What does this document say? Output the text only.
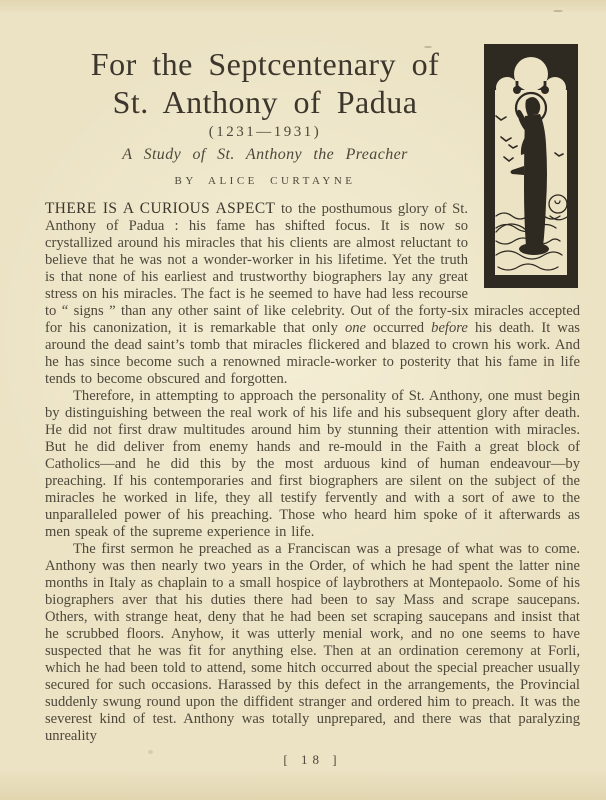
For the Septcentenary of
St. Anthony of Padua
(1231—1931)
A Study of St. Anthony the Preacher
BY ALICE CURTAYNE

THERE IS A CURIOUS ASPECT to the posthumous glory of St. Anthony of Padua : his fame has shifted focus. It is now so crystallized around his miracles that his clients are almost reluctant to believe that he was not a wonder-worker in his lifetime. Yet the truth is that none of his earliest and trustworthy biographers lay any great stress on his miracles. The fact is he seemed to have had less recourse to “ signs ” than any other saint of like celebrity. Out of the forty-six miracles accepted for his canonization, it is remarkable that only one occurred before his death. It was around the dead saint’s tomb that miracles flickered and blazed to crown his work. And he has since become such a renowned miracle-worker to posterity that his fame in life tends to become obscured and forgotten.

Therefore, in attempting to approach the personality of St. Anthony, one must begin by distinguishing between the real work of his life and his subsequent glory after death. He did not first draw multitudes around him by stunning their attention with miracles. But he did deliver from enemy hands and re-mould in the Faith a great block of Catholics—and he did this by the most arduous kind of human endeavour—by preaching. If his contemporaries and first biographers are silent on the subject of the miracles he worked in life, they all testify fervently and with a sort of awe to the unparalleled power of his preaching. Those who heard him spoke of it afterwards as men speak of the supreme experience in life.

The first sermon he preached as a Franciscan was a presage of what was to come. Anthony was then nearly two years in the Order, of which he had spent the latter nine months in Italy as chaplain to a small hospice of laybrothers at Montepaolo. Some of his biographers aver that his duties there had been to say Mass and scrape saucepans. Others, with strange heat, deny that he had been set scraping saucepans and insist that he scrubbed floors. Anyhow, it was utterly menial work, and no one seems to have suspected that he was fit for anything else. Then at an ordination ceremony at Forli, which he had been told to attend, some hitch occurred about the special preacher usually secured for such occasions. Harassed by this defect in the arrangements, the Provincial suddenly swung round upon the diffident stranger and ordered him to preach. It was the severest kind of test. Anthony was totally unprepared, and there was that paralyzing unreality

[ 18 ]
